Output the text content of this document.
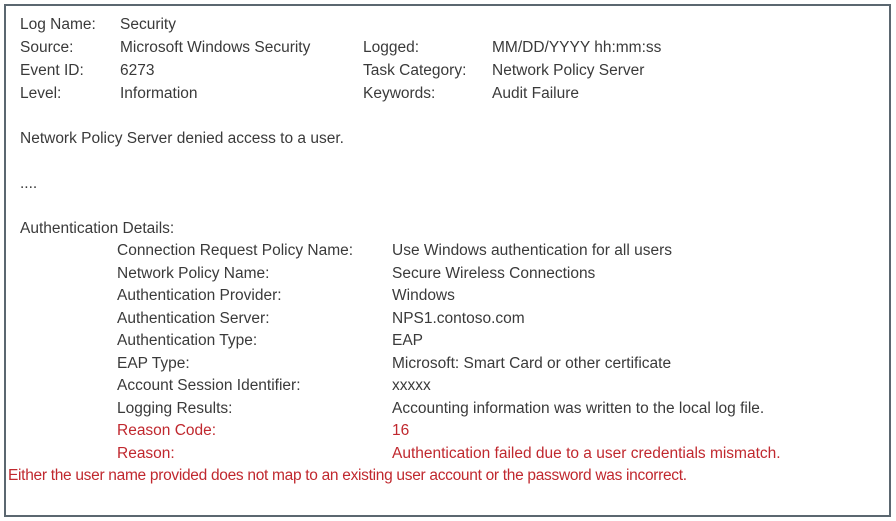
Log Name: Security
Source:	Microsoft Windows Security	Logged:	MM/DD/YYYY hh:mm:ss
Event ID: 6273	Task Category: Network Policy Server
Level:	Information	Keywords:	Audit Failure
Network Policy Server denied access to a user.
....
Authentication Details:
Connection Request Policy Name:	Use Windows authentication for all users
Network Policy Name:	Secure Wireless Connections
Authentication Provider:	Windows
Authentication Server:	NPS1.contoso.com
Authentication Type:	EAP
EAP Type:	Microsoft: Smart Card or other certificate
Account Session Identifier:	xxxxx
Logging Results:	Accounting information was written to the local log file.
Reason Code:	16
Reason:	Authentication failed due to a user credentials mismatch.
Either the user name provided does not map to an existing user account or the password was incorrect.
